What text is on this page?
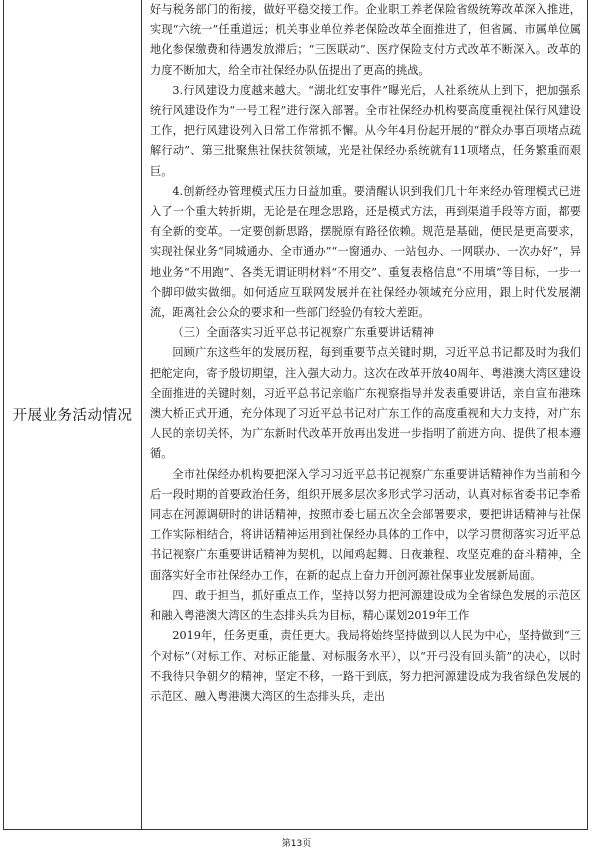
开展业务活动情况

好与税务部门的衔接，做好平稳交接工作。企业职工养老保险省级统筹改革深入推进，实现“六统一”任重道远；机关事业单位养老保险改革全面推进了，但省属、市属单位属地化参保缴费和待遇发放滞后；“三医联动”、医疗保险支付方式改革不断深入。改革的力度不断加大，给全市社保经办队伍提出了更高的挑战。

3.行风建设力度越来越大。“湖北红安事件”曝光后，人社系统从上到下，把加强系统行风建设作为“一号工程”进行深入部署。全市社保经办机构要高度重视社保行风建设工作，把行风建设列入日常工作常抓不懈。从今年4月份起开展的“群众办事百项堵点疏解行动”、第三批聚焦社保扶贫领域，光是社保经办系统就有11项堵点，任务繁重而艰巨。

4.创新经办管理模式压力日益加重。要清醒认识到我们几十年来经办管理模式已进入了一个重大转折期，无论是在理念思路，还是模式方法，再到渠道手段等方面，都要有全新的变革。一定要创新思路，摆脱原有路径依赖。规范是基础，便民是更高要求，实现社保业务“同城通办、全市通办”“一窗通办、一站包办、一网联办、一次办好”，异地业务“不用跑”、各类无谓证明材料“不用交”、重复表格信息“不用填”等目标，一步一个脚印做实做细。如何适应互联网发展并在社保经办领域充分应用，跟上时代发展潮流，距离社会公众的要求和一些部门经验仍有较大差距。

（三）全面落实习近平总书记视察广东重要讲话精神

回顾广东这些年的发展历程，每到重要节点关键时期，习近平总书记都及时为我们把舵定向，寄予殷切期望，注入强大动力。这次在改革开放40周年、粤港澳大湾区建设全面推进的关键时刻，习近平总书记亲临广东视察指导并发表重要讲话，亲自宣布港珠澳大桥正式开通，充分体现了习近平总书记对广东工作的高度重视和大力支持，对广东人民的亲切关怀，为广东新时代改革开放再出发进一步指明了前进方向、提供了根本遵循。

全市社保经办机构要把深入学习习近平总书记视察广东重要讲话精神作为当前和今后一段时期的首要政治任务，组织开展多层次多形式学习活动，认真对标省委书记李希同志在河源调研时的讲话精神，按照市委七届五次全会部署要求，要把讲话精神与社保工作实际相结合，将讲话精神运用到社保经办具体的工作中，以学习贯彻落实习近平总书记视察广东重要讲话精神为契机，以闻鸡起舞、日夜兼程、攻坚克难的奋斗精神，全面落实好全市社保经办工作，在新的起点上奋力开创河源社保事业发展新局面。

四、敢于担当，抓好重点工作，坚持以努力把河源建设成为全省绿色发展的示范区和融入粤港澳大湾区的生态排头兵为目标，精心谋划2019年工作

2019年，任务更重，责任更大。我局将始终坚持做到以人民为中心，坚持做到“三个对标”（对标工作、对标正能量、对标服务水平），以“开弓没有回头箭”的决心，以时不我待只争朝夕的精神，坚定不移，一路干到底，努力把河源建设成为我省绿色发展的示范区、融入粤港澳大湾区的生态排头兵，走出

第13页
